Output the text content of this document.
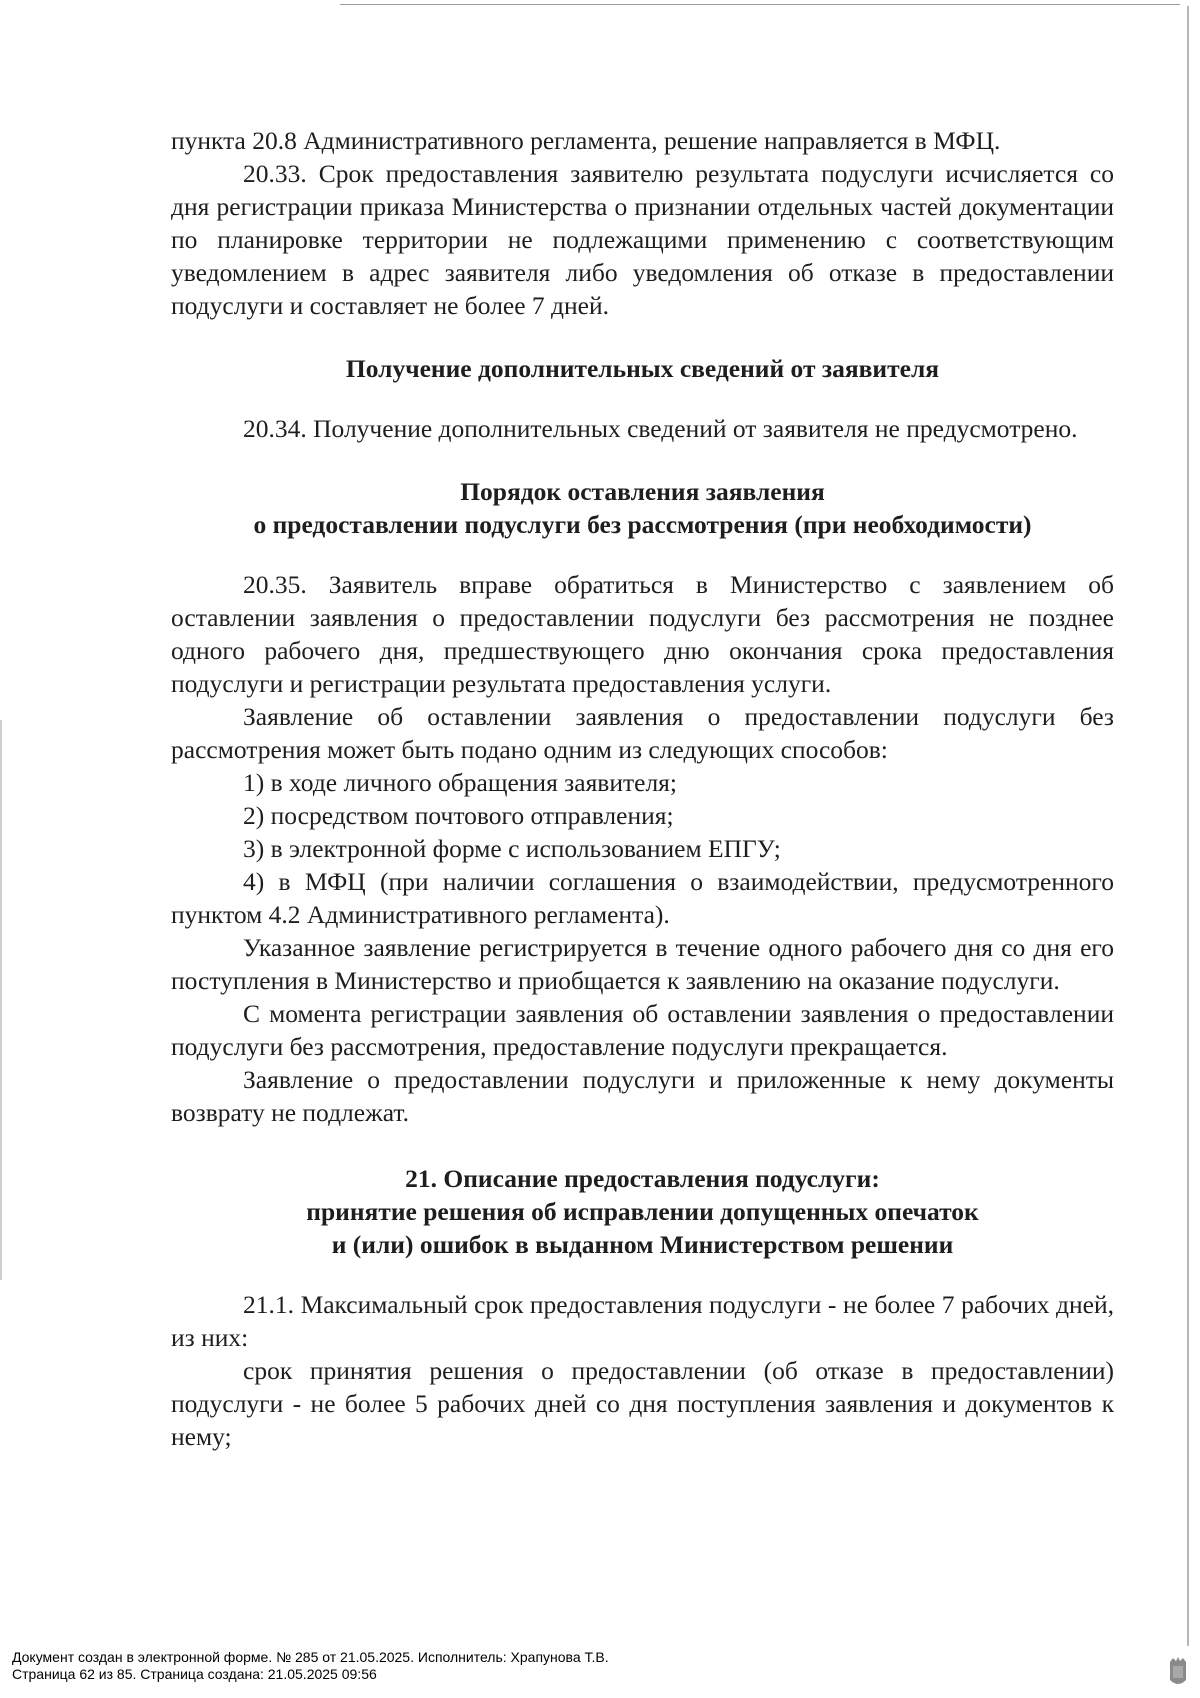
пункта 20.8 Административного регламента, решение направляется в МФЦ.

20.33. Срок предоставления заявителю результата подуслуги исчисляется со дня регистрации приказа Министерства о признании отдельных частей документации по планировке территории не подлежащими применению с соответствующим уведомлением в адрес заявителя либо уведомления об отказе в предоставлении подуслуги и составляет не более 7 дней.

Получение дополнительных сведений от заявителя

20.34. Получение дополнительных сведений от заявителя не предусмотрено.

Порядок оставления заявления
о предоставлении подуслуги без рассмотрения (при необходимости)

20.35. Заявитель вправе обратиться в Министерство с заявлением об оставлении заявления о предоставлении подуслуги без рассмотрения не позднее одного рабочего дня, предшествующего дню окончания срока предоставления подуслуги и регистрации результата предоставления услуги.

Заявление об оставлении заявления о предоставлении подуслуги без рассмотрения может быть подано одним из следующих способов:

1) в ходе личного обращения заявителя;

2) посредством почтового отправления;

3) в электронной форме с использованием ЕПГУ;

4) в МФЦ (при наличии соглашения о взаимодействии, предусмотренного пунктом 4.2 Административного регламента).

Указанное заявление регистрируется в течение одного рабочего дня со дня его поступления в Министерство и приобщается к заявлению на оказание подуслуги.

С момента регистрации заявления об оставлении заявления о предоставлении подуслуги без рассмотрения, предоставление подуслуги прекращается.

Заявление о предоставлении подуслуги и приложенные к нему документы возврату не подлежат.

21. Описание предоставления подуслуги:
принятие решения об исправлении допущенных опечаток
и (или) ошибок в выданном Министерством решении

21.1. Максимальный срок предоставления подуслуги - не более 7 рабочих дней, из них:

срок принятия решения о предоставлении (об отказе в предоставлении) подуслуги - не более 5 рабочих дней со дня поступления заявления и документов к нему;

Документ создан в электронной форме. № 285 от 21.05.2025. Исполнитель: Храпунова Т.В.
Страница 62 из 85. Страница создана: 21.05.2025 09:56
